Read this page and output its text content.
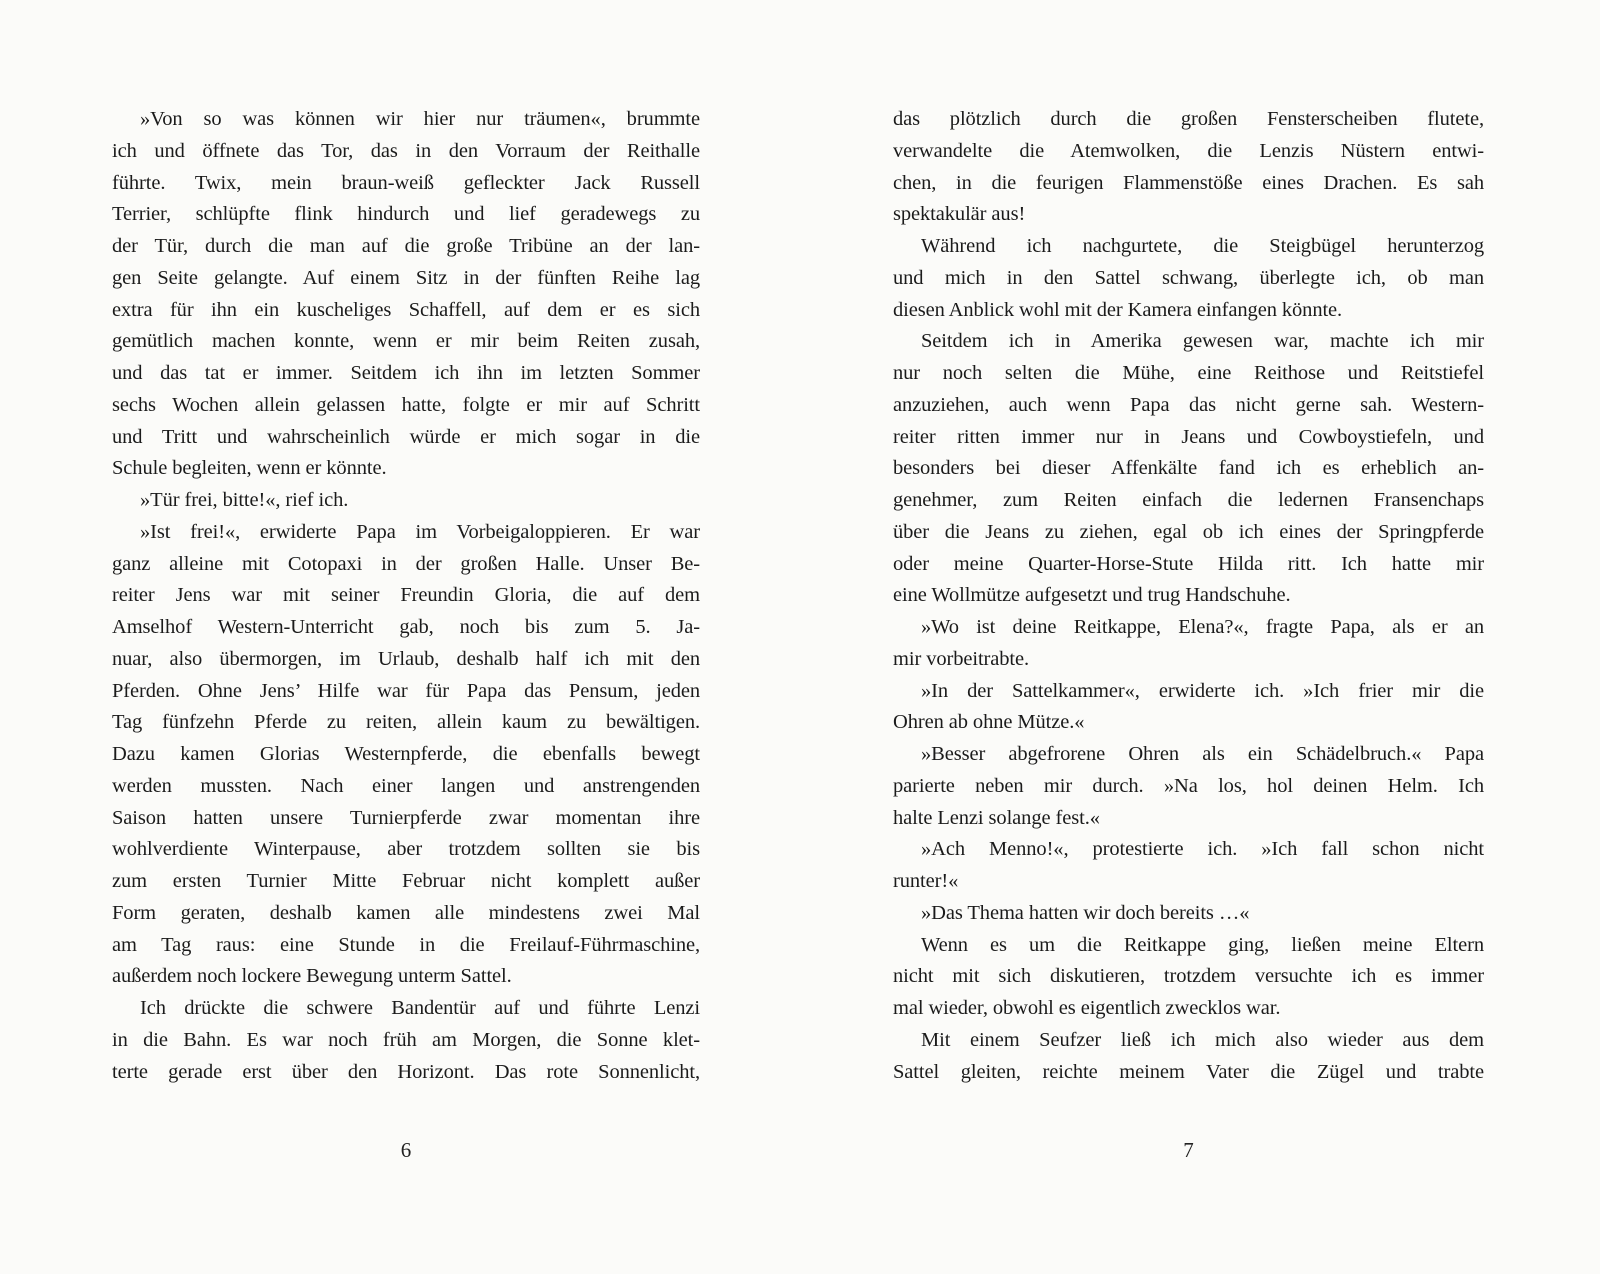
»Von so was können wir hier nur träumen«, brummte
ich und öffnete das Tor, das in den Vorraum der Reithalle
führte. Twix, mein braun-weiß gefleckter Jack Russell
Terrier, schlüpfte flink hindurch und lief geradewegs zu
der Tür, durch die man auf die große Tribüne an der lan-
gen Seite gelangte. Auf einem Sitz in der fünften Reihe lag
extra für ihn ein kuscheliges Schaffell, auf dem er es sich
gemütlich machen konnte, wenn er mir beim Reiten zusah,
und das tat er immer. Seitdem ich ihn im letzten Sommer
sechs Wochen allein gelassen hatte, folgte er mir auf Schritt
und Tritt und wahrscheinlich würde er mich sogar in die
Schule begleiten, wenn er könnte.
»Tür frei, bitte!«, rief ich.
»Ist frei!«, erwiderte Papa im Vorbeigaloppieren. Er war
ganz alleine mit Cotopaxi in der großen Halle. Unser Be-
reiter Jens war mit seiner Freundin Gloria, die auf dem
Amselhof Western-Unterricht gab, noch bis zum 5. Ja-
nuar, also übermorgen, im Urlaub, deshalb half ich mit den
Pferden. Ohne Jens’ Hilfe war für Papa das Pensum, jeden
Tag fünfzehn Pferde zu reiten, allein kaum zu bewältigen.
Dazu kamen Glorias Westernpferde, die ebenfalls bewegt
werden mussten. Nach einer langen und anstrengenden
Saison hatten unsere Turnierpferde zwar momentan ihre
wohlverdiente Winterpause, aber trotzdem sollten sie bis
zum ersten Turnier Mitte Februar nicht komplett außer
Form geraten, deshalb kamen alle mindestens zwei Mal
am Tag raus: eine Stunde in die Freilauf-Führmaschine,
außerdem noch lockere Bewegung unterm Sattel.
Ich drückte die schwere Bandentür auf und führte Lenzi
in die Bahn. Es war noch früh am Morgen, die Sonne klet-
terte gerade erst über den Horizont. Das rote Sonnenlicht,
6
das plötzlich durch die großen Fensterscheiben flutete,
verwandelte die Atemwolken, die Lenzis Nüstern entwi-
chen, in die feurigen Flammenstöße eines Drachen. Es sah
spektakulär aus!
Während ich nachgurtete, die Steigbügel herunterzog
und mich in den Sattel schwang, überlegte ich, ob man
diesen Anblick wohl mit der Kamera einfangen könnte.
Seitdem ich in Amerika gewesen war, machte ich mir
nur noch selten die Mühe, eine Reithose und Reitstiefel
anzuziehen, auch wenn Papa das nicht gerne sah. Western-
reiter ritten immer nur in Jeans und Cowboystiefeln, und
besonders bei dieser Affenkälte fand ich es erheblich an-
genehmer, zum Reiten einfach die ledernen Fransenchaps
über die Jeans zu ziehen, egal ob ich eines der Springpferde
oder meine Quarter-Horse-Stute Hilda ritt. Ich hatte mir
eine Wollmütze aufgesetzt und trug Handschuhe.
»Wo ist deine Reitkappe, Elena?«, fragte Papa, als er an
mir vorbeitrabte.
»In der Sattelkammer«, erwiderte ich. »Ich frier mir die
Ohren ab ohne Mütze.«
»Besser abgefrorene Ohren als ein Schädelbruch.« Papa
parierte neben mir durch. »Na los, hol deinen Helm. Ich
halte Lenzi solange fest.«
»Ach Menno!«, protestierte ich. »Ich fall schon nicht
runter!«
»Das Thema hatten wir doch bereits …«
Wenn es um die Reitkappe ging, ließen meine Eltern
nicht mit sich diskutieren, trotzdem versuchte ich es immer
mal wieder, obwohl es eigentlich zwecklos war.
Mit einem Seufzer ließ ich mich also wieder aus dem
Sattel gleiten, reichte meinem Vater die Zügel und trabte
7
